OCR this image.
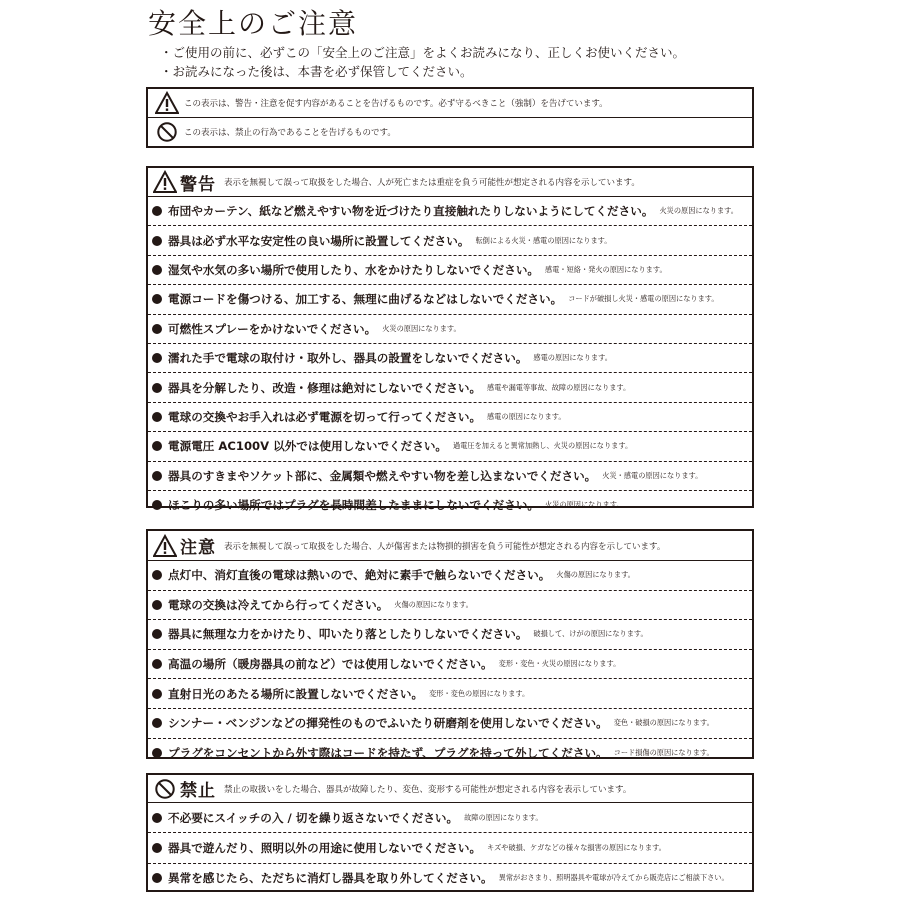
安全上のご注意
・ご使用の前に、必ずこの「安全上のご注意」をよくお読みになり、正しくお使いください。
・お読みになった後は、本書を必ず保管してください。
この表示は、警告・注意を促す内容があることを告げるものです。必ず守るべきこと（強制）を告げています。
この表示は、禁止の行為であることを告げるものです。
警告 表示を無視して誤って取扱をした場合、人が死亡または重症を負う可能性が想定される内容を示しています。
布団やカーテン、紙など燃えやすい物を近づけたり直接触れたりしないようにしてください。 火災の原因になります。
器具は必ず水平な安定性の良い場所に設置してください。 転倒による火災・感電の原因になります。
湿気や水気の多い場所で使用したり、水をかけたりしないでください。 感電・短絡・発火の原因になります。
電源コードを傷つける、加工する、無理に曲げるなどはしないでください。 コードが破損し火災・感電の原因になります。
可燃性スプレーをかけないでください。 火災の原因になります。
濡れた手で電球の取付け・取外し、器具の設置をしないでください。 感電の原因になります。
器具を分解したり、改造・修理は絶対にしないでください。 感電や漏電等事故、故障の原因になります。
電球の交換やお手入れは必ず電源を切って行ってください。 感電の原因になります。
電源電圧 AC100V 以外では使用しないでください。 過電圧を加えると異常加熱し、火災の原因になります。
器具のすきまやソケット部に、金属類や燃えやすい物を差し込まないでください。 火災・感電の原因になります。
ほこりの多い場所ではプラグを長時間差したままにしないでください。 火災の原因になります。
注意 表示を無視して誤って取扱をした場合、人が傷害または物損的損害を負う可能性が想定される内容を示しています。
点灯中、消灯直後の電球は熱いので、絶対に素手で触らないでください。 火傷の原因になります。
電球の交換は冷えてから行ってください。 火傷の原因になります。
器具に無理な力をかけたり、叩いたり落としたりしないでください。 破損して、けがの原因になります。
高温の場所（暖房器具の前など）では使用しないでください。 変形・変色・火災の原因になります。
直射日光のあたる場所に設置しないでください。 変形・変色の原因になります。
シンナー・ベンジンなどの揮発性のものでふいたり研磨剤を使用しないでください。 変色・破損の原因になります。
プラグをコンセントから外す際はコードを持たず、プラグを持って外してください。 コード損傷の原因になります。
禁止 禁止の取扱いをした場合、器具が故障したり、変色、変形する可能性が想定される内容を表示しています。
不必要にスイッチの入 / 切を繰り返さないでください。 故障の原因になります。
器具で遊んだり、照明以外の用途に使用しないでください。 キズや破損、ケガなどの様々な損害の原因になります。
異常を感じたら、ただちに消灯し器具を取り外してください。 異常がおさまり、照明器具や電球が冷えてから販売店にご相談下さい。
